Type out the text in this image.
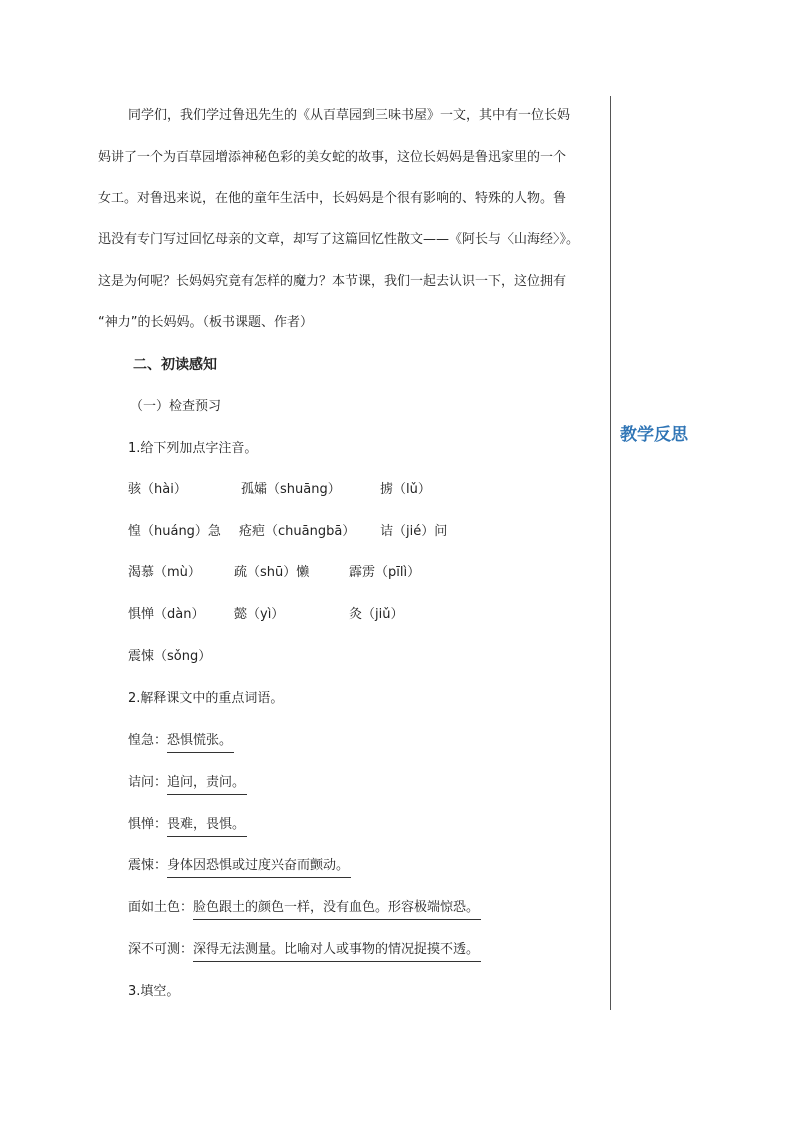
同学们，我们学过鲁迅先生的《从百草园到三味书屋》一文，其中有一位长妈
妈讲了一个为百草园增添神秘色彩的美女蛇的故事，这位长妈妈是鲁迅家里的一个
女工。对鲁迅来说，在他的童年生活中，长妈妈是个很有影响的、特殊的人物。鲁
迅没有专门写过回忆母亲的文章，却写了这篇回忆性散文——《阿长与〈山海经〉》。
这是为何呢？长妈妈究竟有怎样的魔力？本节课，我们一起去认识一下，这位拥有
“神力”的长妈妈。（板书课题、作者）
二、初读感知
（一）检查预习
1.给下列加点字注音。
骇（hài）	孤孀（shuāng）	掳（lǔ）
惶（huáng）急 疮疤（chuāngbā） 诘（jié）问
渴慕（mù）	疏（shū）懒	霹雳（pīlì）
惧惮（dàn） 懿（yì）	灸（jiǔ）
震悚（sǒng）
2.解释课文中的重点词语。
惶急：恐惧慌张。
诘问：追问，责问。
惧惮：畏难，畏惧。
震悚：身体因恐惧或过度兴奋而颤动。
面如土色：脸色跟土的颜色一样，没有血色。形容极端惊恐。
深不可测：深得无法测量。比喻对人或事物的情况捉摸不透。
3.填空。
教学反思
